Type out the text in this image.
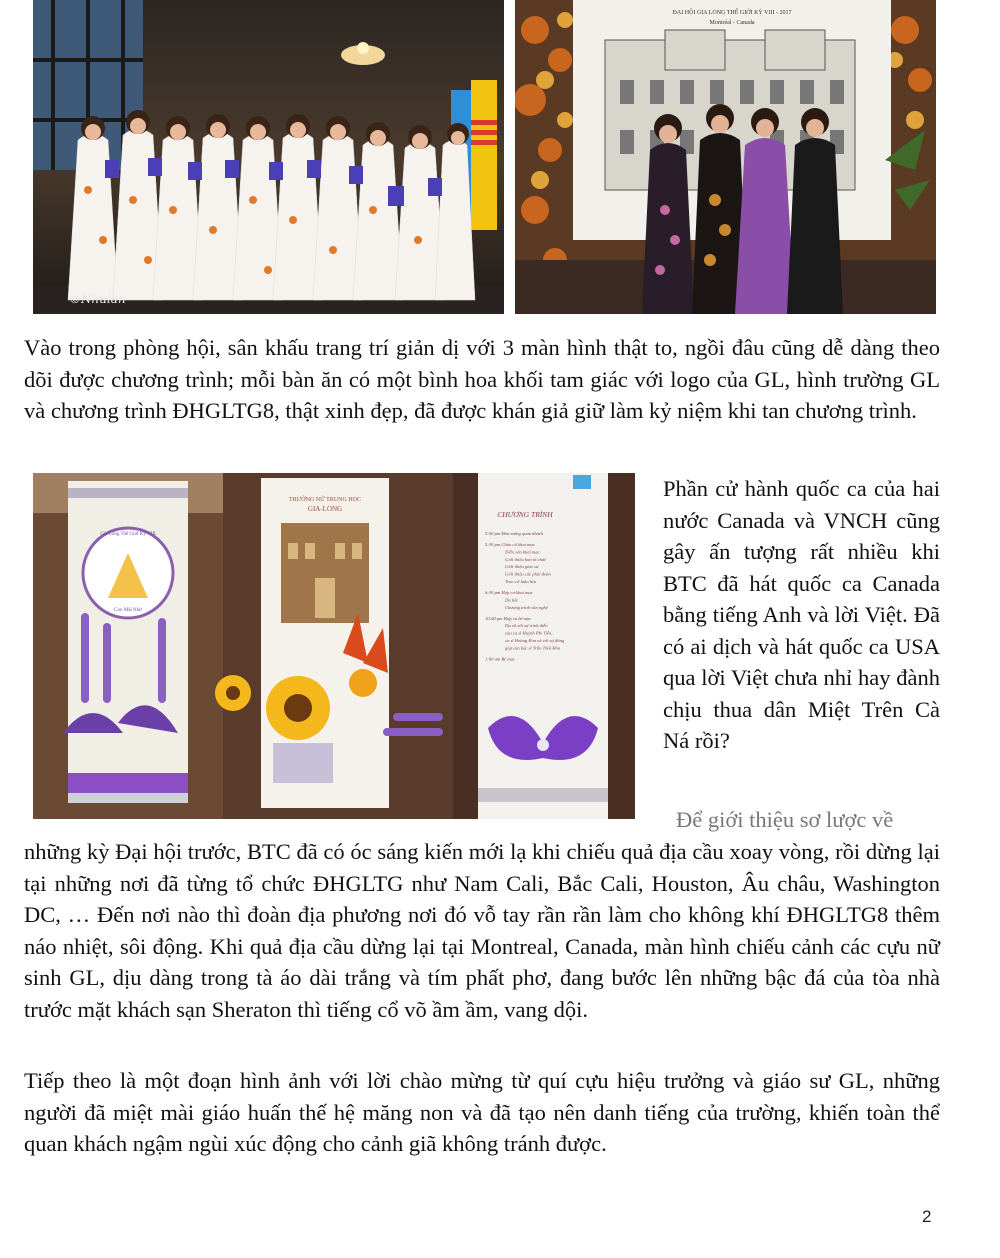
©Nhulan
ĐẠI HỘI GIA LONG THẾ GIỚI KỲ VIII - 2017
Montréal - Canada
Gia Long Thế Giới Kỳ VIII
Con Mãi Nhớ
TRƯỜNG NỮ TRUNG HỌC
GIA-LONG
CHƯƠNG TRÌNH
5:00 pm Đón mừng quan khách
5:30 pm Chào cờ khai mạc
Diễn văn khai mạc
Giới thiệu ban tổ chức
Giới thiệu giáo sư
Giới thiệu các phái đoàn
Trao cờ luân lưu
6:30 pm Hợp ca khai mạc
Dạ tiệc
Chương trình văn nghệ
10:00 pm Hợp ca bế mạc
Dạ vũ với sự trình diễn
của ca sĩ Huỳnh Phi Tiễn,
ca sĩ Hoàng Kim và với sự đóng
góp của bác sĩ Trần Thái Hòa
1:00 am Bế mạc

Vào trong phòng hội, sân khấu trang trí giản dị với 3 màn hình thật to, ngồi đâu cũng dễ dàng theo dõi được chương trình; mỗi bàn ăn có một bình hoa khối tam giác với logo của GL, hình trường GL và chương trình ĐHGLTG8, thật xinh đẹp, đã được khán giả giữ làm kỷ niệm khi tan chương trình.

Phần cử hành quốc ca của hai nước Canada và VNCH cũng gây ấn tượng rất nhiều khi BTC đã hát quốc ca Canada bằng tiếng Anh và lời Việt. Đã có ai dịch và hát quốc ca USA qua lời Việt chưa nhỉ hay đành chịu thua dân Miệt Trên Cà Ná rồi?

Để giới thiệu sơ lược về

những kỳ Đại hội trước, BTC đã có óc sáng kiến mới lạ khi chiếu quả địa cầu xoay vòng, rồi dừng lại tại những nơi đã từng tổ chức ĐHGLTG như Nam Cali, Bắc Cali, Houston, Âu châu, Washington DC, … Đến nơi nào thì đoàn địa phương nơi đó vỗ tay rần rần làm cho không khí ĐHGLTG8 thêm náo nhiệt, sôi động. Khi quả địa cầu dừng lại tại Montreal, Canada, màn hình chiếu cảnh các cựu nữ sinh GL, dịu dàng trong tà áo dài trắng và tím phất phơ, đang bước lên những bậc đá của tòa nhà trước mặt khách sạn Sheraton thì tiếng cổ võ ầm ầm, vang dội.

Tiếp theo là một đoạn hình ảnh với lời chào mừng từ quí cựu hiệu trưởng và giáo sư GL, những người đã miệt mài giáo huấn thế hệ măng non và đã tạo nên danh tiếng của trường, khiến toàn thể quan khách ngậm ngùi xúc động cho cảnh giã không tránh được.

2
